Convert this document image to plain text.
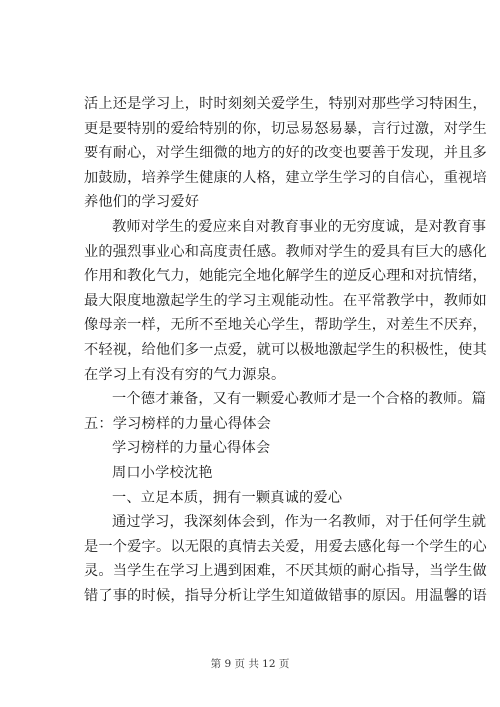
活上还是学习上，时时刻刻关爱学生，特别对那些学习特困生，
更是要特别的爱给特别的你，切忌易怒易暴，言行过激，对学生
要有耐心，对学生细微的地方的好的改变也要善于发现，并且多
加鼓励，培养学生健康的人格，建立学生学习的自信心，重视培
养他们的学习爱好
教师对学生的爱应来自对教育事业的无穷度诚，是对教育事
业的强烈事业心和高度责任感。教师对学生的爱具有巨大的感化
作用和教化气力，她能完全地化解学生的逆反心理和对抗情绪，
最大限度地激起学生的学习主观能动性。在平常教学中，教师如
像母亲一样，无所不至地关心学生，帮助学生，对差生不厌弃，
不轻视，给他们多一点爱，就可以极地激起学生的积极性，使其
在学习上有没有穷的气力源泉。
一个德才兼备，又有一颗爱心教师才是一个合格的教师。篇
五：学习榜样的力量心得体会
学习榜样的力量心得体会
周口小学校沈艳
一、立足本质，拥有一颗真诚的爱心
通过学习，我深刻体会到，作为一名教师，对于任何学生就
是一个爱字。以无限的真情去关爱，用爱去感化每一个学生的心
灵。当学生在学习上遇到困难，不厌其烦的耐心指导，当学生做
错了事的时候，指导分析让学生知道做错事的原因。用温馨的语
第 9 页 共 12 页
